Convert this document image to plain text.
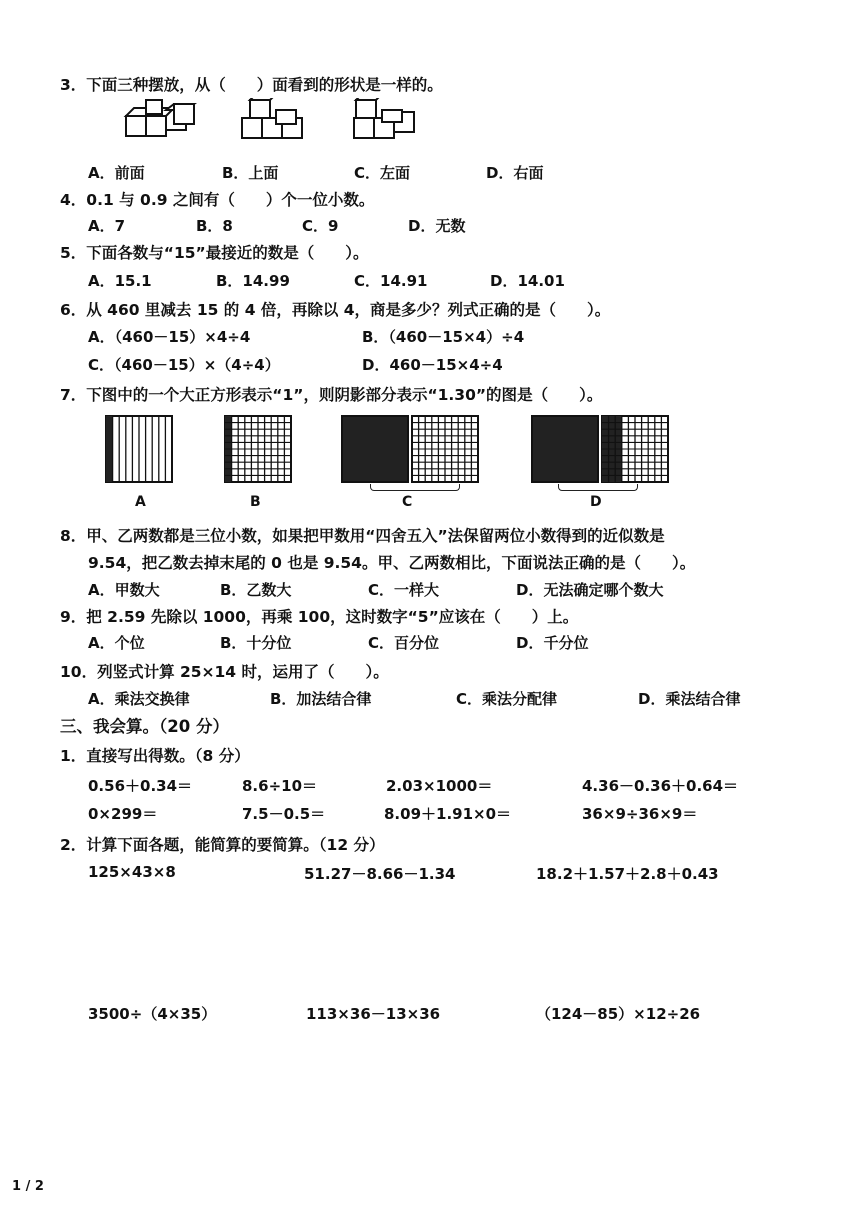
3．下面三种摆放，从（　　）面看到的形状是一样的。
A．前面	B．上面	C．左面	D．右面
4．0.1 与 0.9 之间有（　　）个一位小数。
A．7	B．8	C．9	D．无数
5．下面各数与“15”最接近的数是（　　）。
A．15.1	B．14.99	C．14.91	D．14.01
6．从 460 里减去 15 的 4 倍，再除以 4，商是多少？列式正确的是（　　）。
A．（460－15）×4÷4	B．（460－15×4）÷4
C．（460－15）×（4÷4）	D．460－15×4÷4
7．下图中的一个大正方形表示“1”，则阴影部分表示“1.30”的图是（　　）。
A	B	C	D
8．甲、乙两数都是三位小数，如果把甲数用“四舍五入”法保留两位小数得到的近似数是
9.54，把乙数去掉末尾的 0 也是 9.54。甲、乙两数相比，下面说法正确的是（　　）。
A．甲数大	B．乙数大	C．一样大	D．无法确定哪个数大
9．把 2.59 先除以 1000，再乘 100，这时数字“5”应该在（　　）上。
A．个位	B．十分位	C．百分位	D．千分位
10．列竖式计算 25×14 时，运用了（　　）。
A．乘法交换律	B．加法结合律	C．乘法分配律	D．乘法结合律
三、我会算。（20 分）
1．直接写出得数。（8 分）
0.56＋0.34＝	8.6÷10＝	2.03×1000＝	4.36－0.36＋0.64＝
0×299＝	7.5－0.5＝	8.09＋1.91×0＝	36×9÷36×9＝
2．计算下面各题，能简算的要简算。（12 分）
125×43×8	51.27－8.66－1.34	18.2＋1.57＋2.8＋0.43
3500÷（4×35）	113×36－13×36	（124－85）×12÷26
1 / 2
